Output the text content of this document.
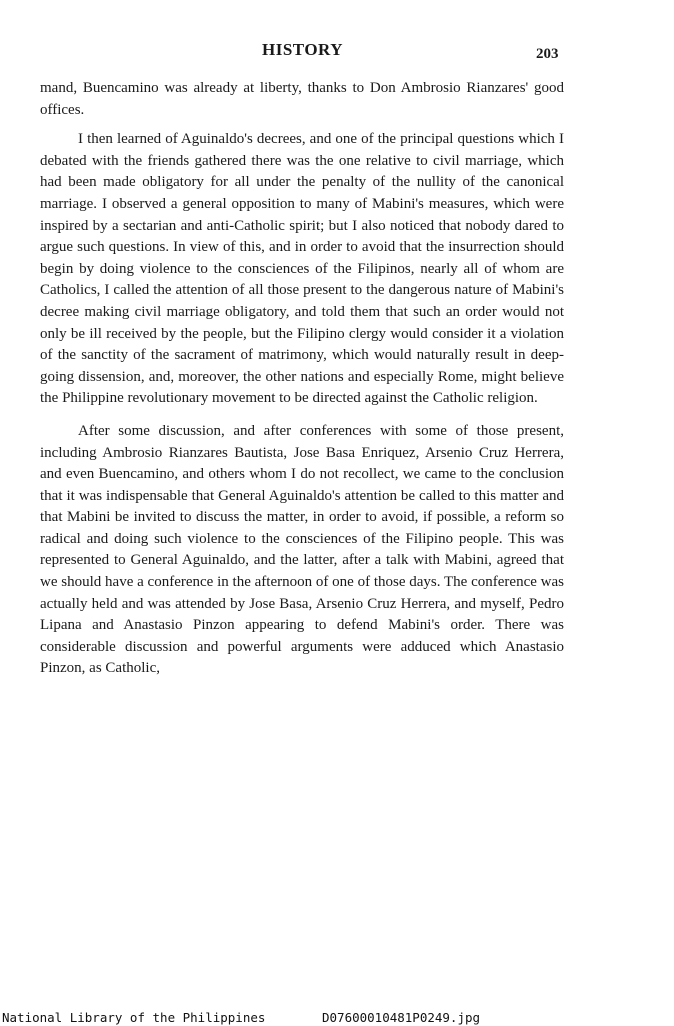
HISTORY	203

mand, Buencamino was already at liberty, thanks to Don Ambrosio Rianzares' good offices.

I then learned of Aguinaldo's decrees, and one of the principal questions which I debated with the friends gathered there was the one relative to civil marriage, which had been made obligatory for all under the penalty of the nullity of the canonical marriage. I observed a general opposition to many of Mabini's measures, which were inspired by a sectarian and anti-Catholic spirit; but I also noticed that nobody dared to argue such questions. In view of this, and in order to avoid that the insurrection should begin by doing violence to the consciences of the Filipinos, nearly all of whom are Catholics, I called the attention of all those present to the dangerous nature of Mabini's decree making civil marriage obligatory, and told them that such an order would not only be ill received by the people, but the Filipino clergy would consider it a violation of the sanctity of the sacrament of matrimony, which would naturally result in deep-going dissension, and, moreover, the other nations and especially Rome, might believe the Philippine revolutionary movement to be directed against the Catholic religion.

After some discussion, and after conferences with some of those present, including Ambrosio Rianzares Bautista, Jose Basa Enriquez, Arsenio Cruz Herrera, and even Buencamino, and others whom I do not recollect, we came to the conclusion that it was indispensable that General Aguinaldo's attention be called to this matter and that Mabini be invited to discuss the matter, in order to avoid, if possible, a reform so radical and doing such violence to the consciences of the Filipino people. This was represented to General Aguinaldo, and the latter, after a talk with Mabini, agreed that we should have a conference in the afternoon of one of those days. The conference was actually held and was attended by Jose Basa, Arsenio Cruz Herrera, and myself, Pedro Lipana and Anastasio Pinzon appearing to defend Mabini's order. There was considerable discussion and powerful arguments were adduced which Anastasio Pinzon, as Catholic,

National Library of the Philippines	D07600010481P0249.jpg
